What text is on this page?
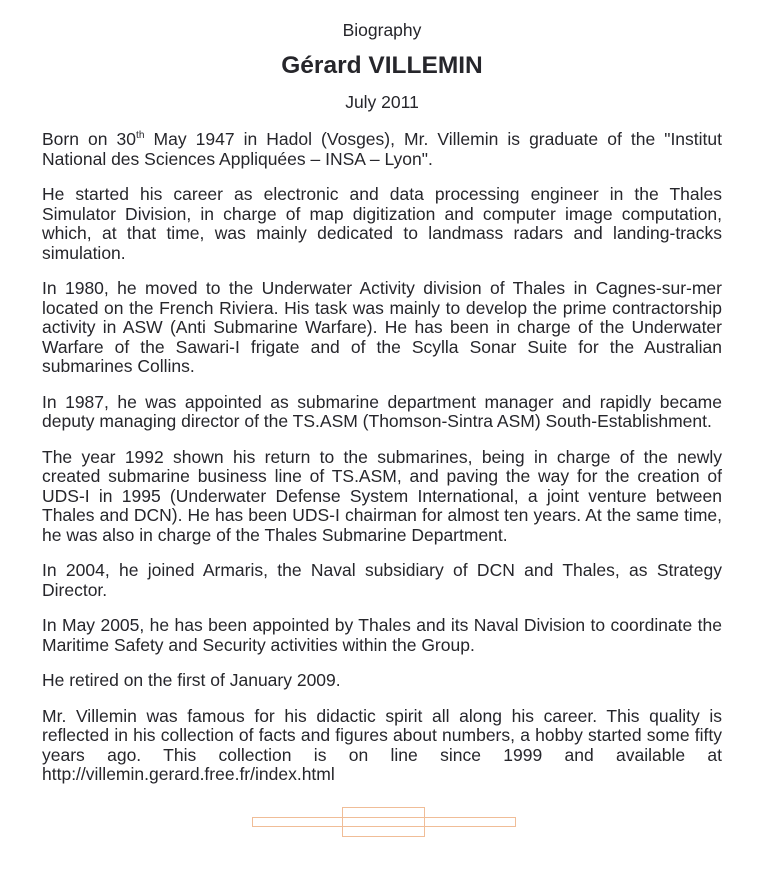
Biography
Gérard VILLEMIN
July 2011

Born on 30th May 1947 in Hadol (Vosges), Mr. Villemin is graduate of the "Institut National des Sciences Appliquées – INSA – Lyon".

He started his career as electronic and data processing engineer in the Thales Simulator Division, in charge of map digitization and computer image computation, which, at that time, was mainly dedicated to landmass radars and landing-tracks simulation.

In 1980, he moved to the Underwater Activity division of Thales in Cagnes-sur-mer located on the French Riviera. His task was mainly to develop the prime contractorship activity in ASW (Anti Submarine Warfare). He has been in charge of the Underwater Warfare of the Sawari-I frigate and of the Scylla Sonar Suite for the Australian submarines Collins.

In 1987, he was appointed as submarine department manager and rapidly became deputy managing director of the TS.ASM (Thomson-Sintra ASM) South-Establishment.

The year 1992 shown his return to the submarines, being in charge of the newly created submarine business line of TS.ASM, and paving the way for the creation of UDS-I in 1995 (Underwater Defense System International, a joint venture between Thales and DCN). He has been UDS-I chairman for almost ten years. At the same time, he was also in charge of the Thales Submarine Department.

In 2004, he joined Armaris, the Naval subsidiary of DCN and Thales, as Strategy Director.

In May 2005, he has been appointed by Thales and its Naval Division to coordinate the Maritime Safety and Security activities within the Group.

He retired on the first of January 2009.

Mr. Villemin was famous for his didactic spirit all along his career. This quality is reflected in his collection of facts and figures about numbers, a hobby started some fifty years ago. This collection is on line since 1999 and available at http://villemin.gerard.free.fr/index.html
